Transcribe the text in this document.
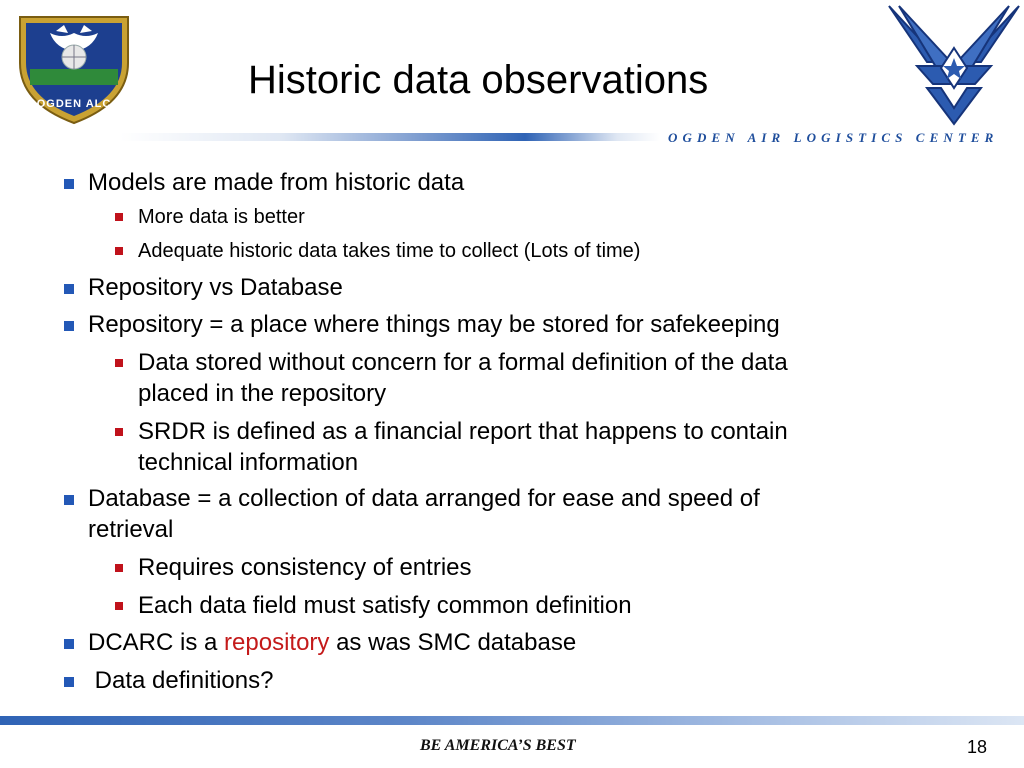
OGDEN ALC
Historic data observations
OGDEN AIR LOGISTICS CENTER
Models are made from historic data
More data is better
Adequate historic data takes time to collect (Lots of time)
Repository vs Database
Repository = a place where things may be stored for safekeeping
Data stored without concern for a formal definition of the data
placed in the repository
SRDR is defined as a financial report that happens to contain
technical information
Database = a collection of data arranged for ease and speed of
retrieval
Requires consistency of entries
Each data field must satisfy common definition
DCARC is a repository as was SMC database
Data definitions?
BE AMERICA’S BEST	18
